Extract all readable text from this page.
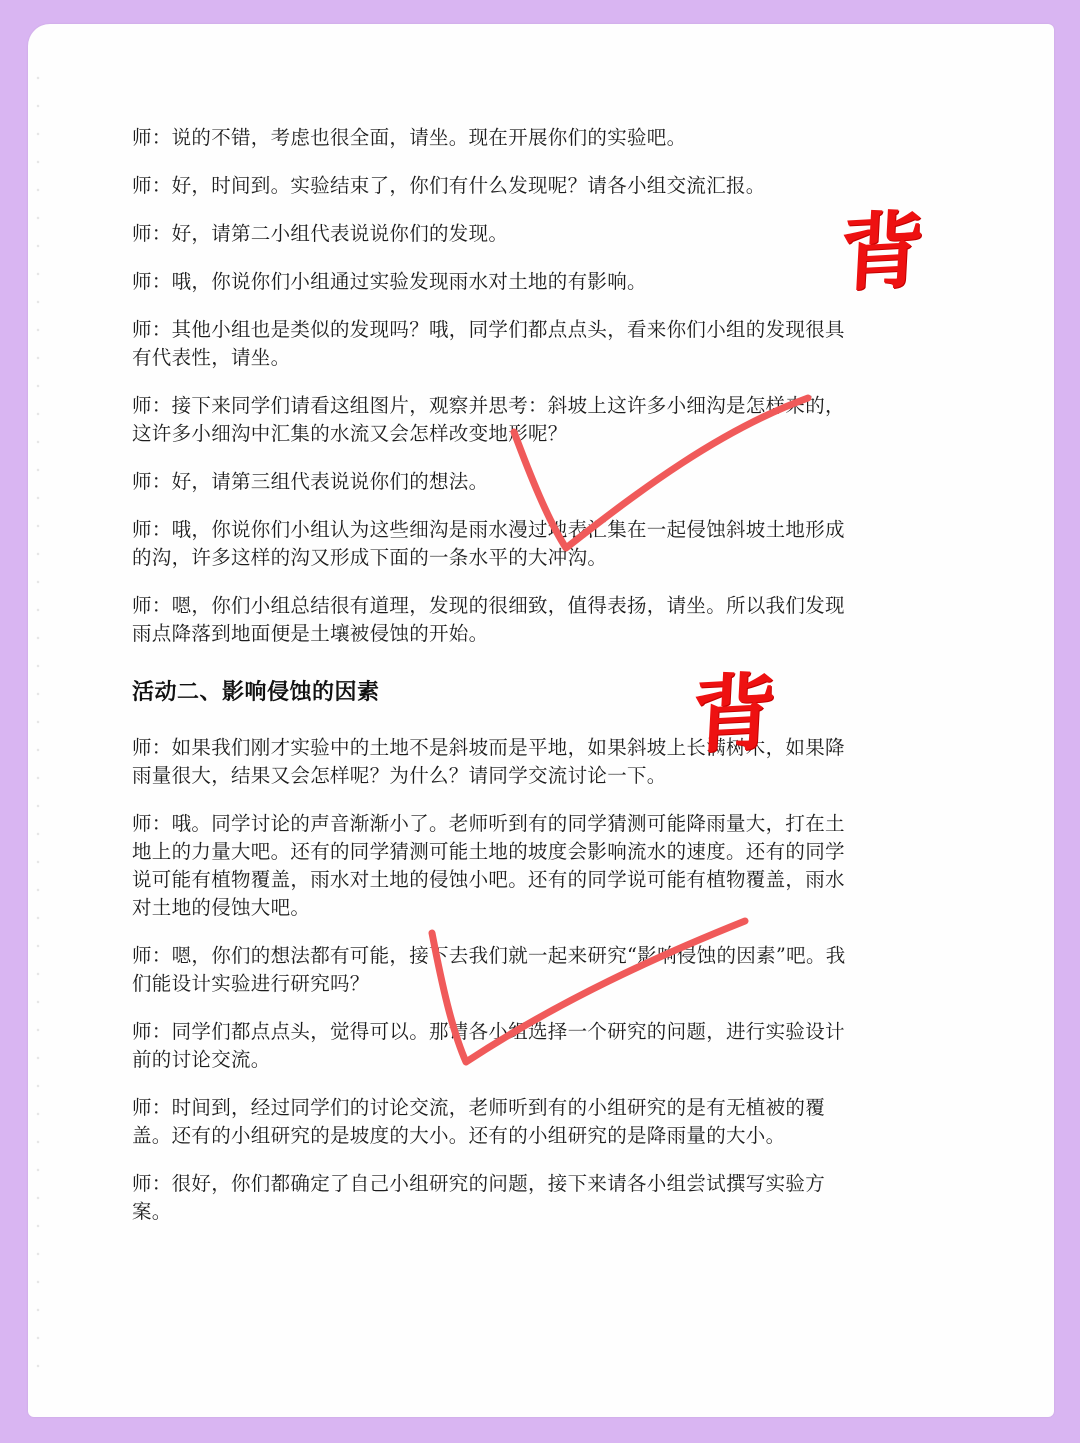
师：说的不错，考虑也很全面，请坐。现在开展你们的实验吧。

师：好，时间到。实验结束了，你们有什么发现呢？请各小组交流汇报。

师：好，请第二小组代表说说你们的发现。

师：哦，你说你们小组通过实验发现雨水对土地的有影响。

师：其他小组也是类似的发现吗？哦，同学们都点点头，看来你们小组的发现很具
有代表性，请坐。

师：接下来同学们请看这组图片，观察并思考：斜坡上这许多小细沟是怎样来的，
这许多小细沟中汇集的水流又会怎样改变地形呢？

师：好，请第三组代表说说你们的想法。

师：哦，你说你们小组认为这些细沟是雨水漫过地表汇集在一起侵蚀斜坡土地形成
的沟，许多这样的沟又形成下面的一条水平的大冲沟。

师：嗯，你们小组总结很有道理，发现的很细致，值得表扬，请坐。所以我们发现
雨点降落到地面便是土壤被侵蚀的开始。

活动二、影响侵蚀的因素

师：如果我们刚才实验中的土地不是斜坡而是平地，如果斜坡上长满树木，如果降
雨量很大，结果又会怎样呢？为什么？请同学交流讨论一下。

师：哦。同学讨论的声音渐渐小了。老师听到有的同学猜测可能降雨量大，打在土
地上的力量大吧。还有的同学猜测可能土地的坡度会影响流水的速度。还有的同学
说可能有植物覆盖，雨水对土地的侵蚀小吧。还有的同学说可能有植物覆盖，雨水
对土地的侵蚀大吧。

师：嗯，你们的想法都有可能，接下去我们就一起来研究“影响侵蚀的因素”吧。我
们能设计实验进行研究吗？

师：同学们都点点头，觉得可以。那请各小组选择一个研究的问题，进行实验设计
前的讨论交流。

师：时间到，经过同学们的讨论交流，老师听到有的小组研究的是有无植被的覆
盖。还有的小组研究的是坡度的大小。还有的小组研究的是降雨量的大小。

师：很好，你们都确定了自己小组研究的问题，接下来请各小组尝试撰写实验方
案。

背
背
